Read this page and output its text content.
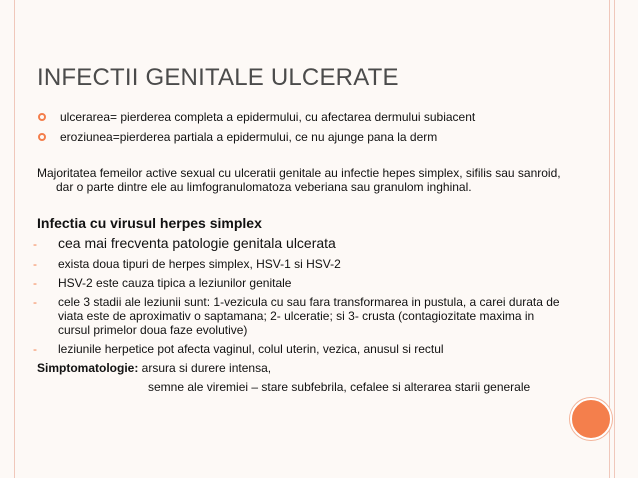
INFECTII GENITALE ULCERATE
ulcerarea= pierderea completa a epidermului, cu afectarea dermului subiacent
eroziunea=pierderea partiala a epidermului, ce nu ajunge pana la derm
Majoritatea femeilor active sexual cu ulceratii genitale au infectie hepes simplex, sifilis sau sanroid, dar o parte dintre ele au limfogranulomatoza veberiana sau granulom inghinal.
Infectia cu virusul herpes simplex
- cea mai frecventa patologie genitala ulcerata
- exista doua tipuri de herpes simplex, HSV-1 si HSV-2
- HSV-2 este cauza tipica a leziunilor genitale
- cele 3 stadii ale leziunii sunt: 1-vezicula cu sau fara transformarea in pustula, a carei durata de viata este de aproximativ o saptamana; 2- ulceratie; si 3- crusta (contagiozitate maxima in cursul primelor doua faze evolutive)
- leziunile herpetice pot afecta vaginul, colul uterin, vezica, anusul si rectul
Simptomatologie: arsura si durere intensa,
semne ale viremiei – stare subfebrila, cefalee si alterarea starii generale
